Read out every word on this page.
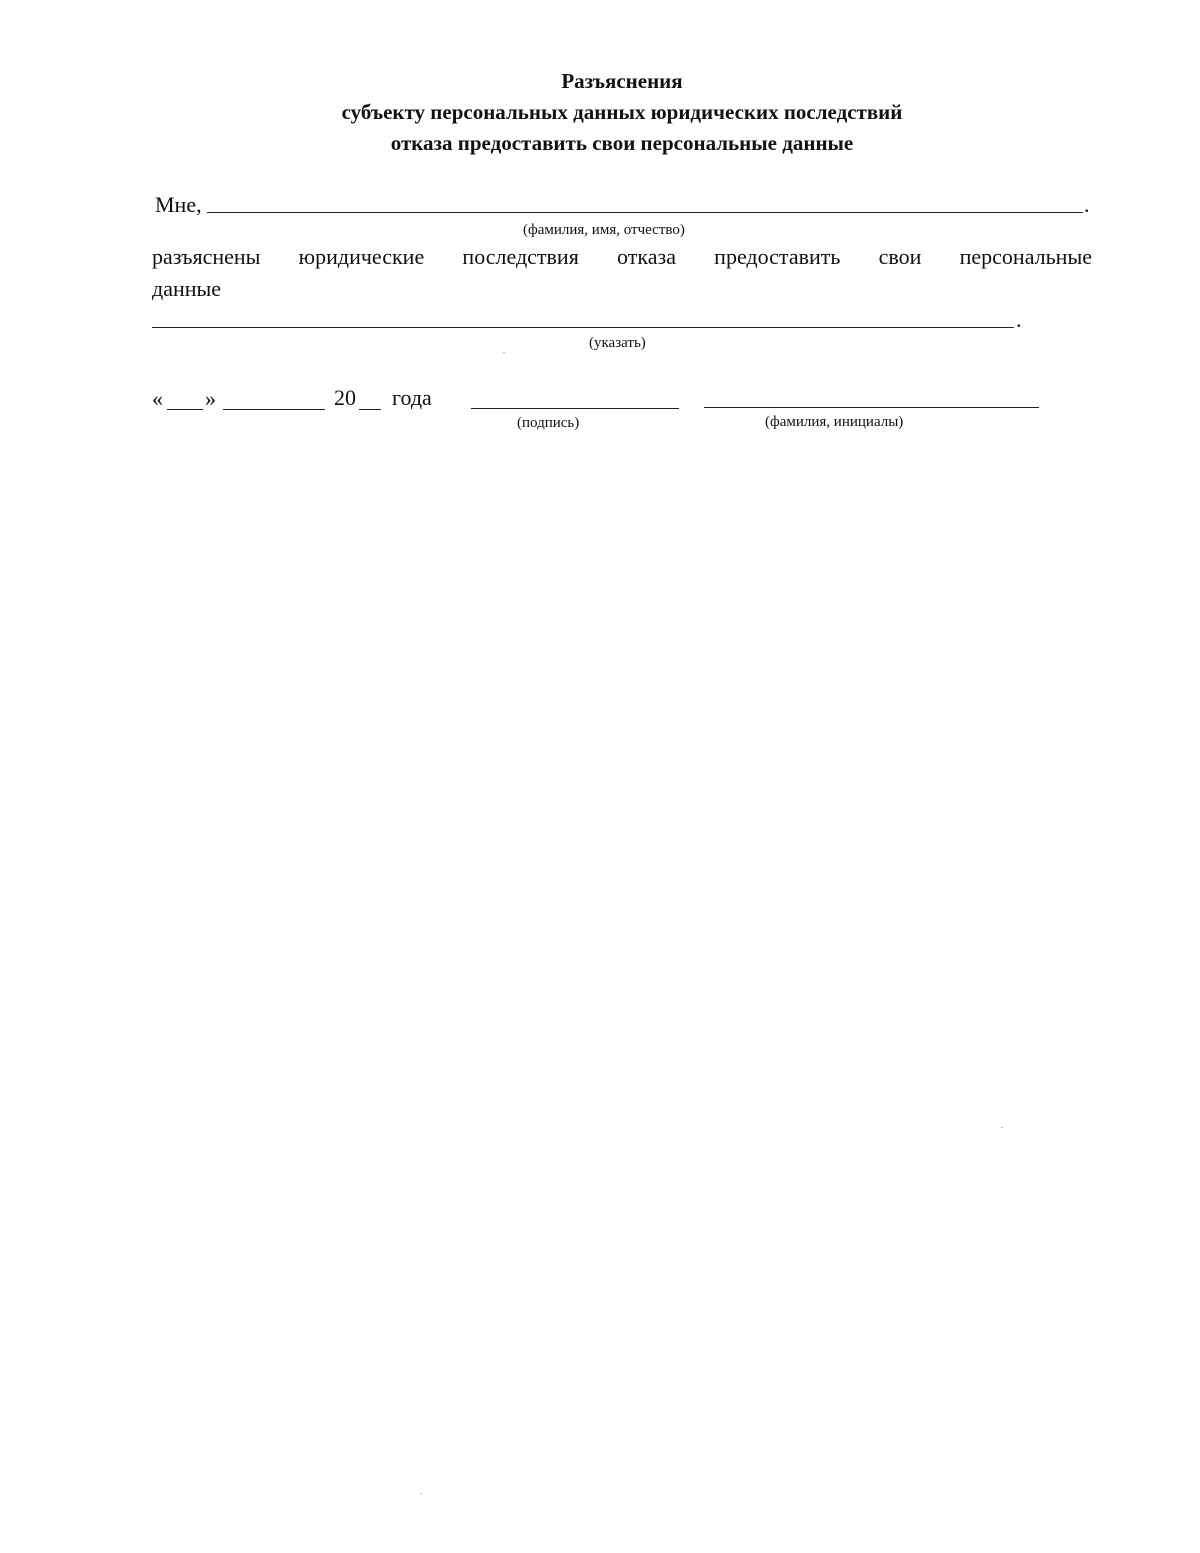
Разъяснения
субъекту персональных данных юридических последствий
отказа предоставить свои персональные данные
Мне,	.
(фамилия, имя, отчество)
разъяснены юридические последствия отказа предоставить свои персональные
данные
.
(указать)
« »	20 года
(подпись)	(фамилия, инициалы)
